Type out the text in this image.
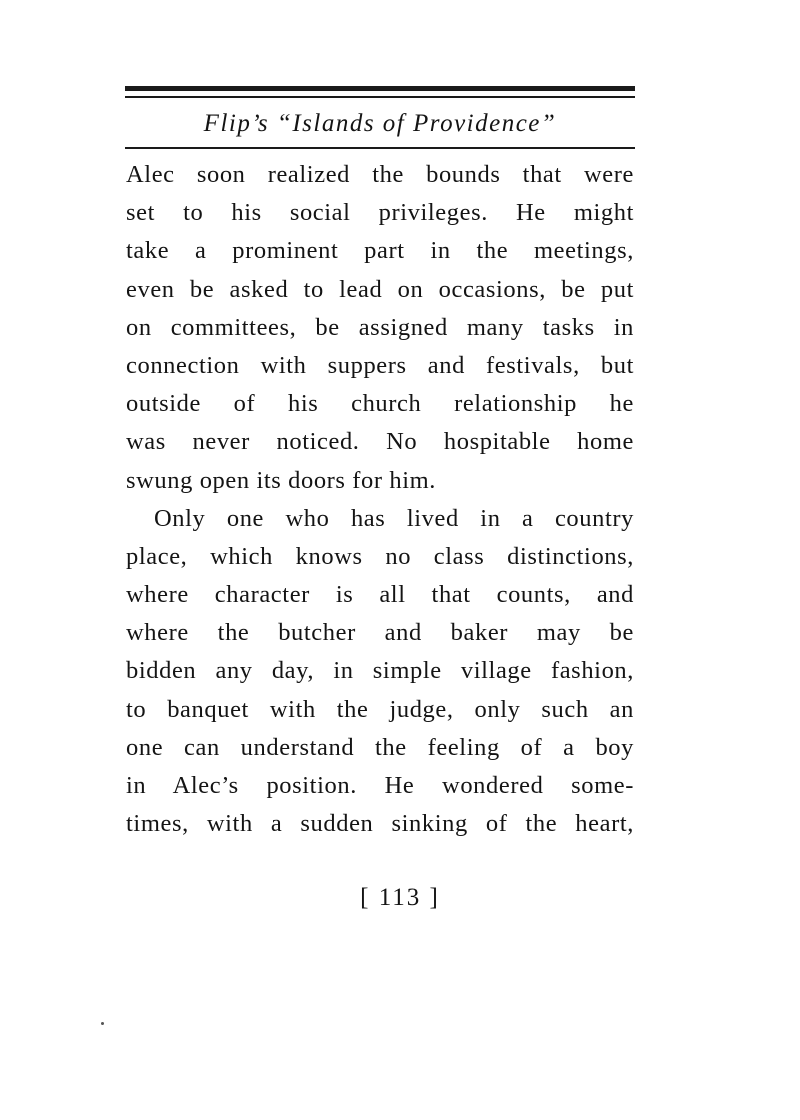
Flip’s “Islands of Providence”
Alec soon realized the bounds that were
set to his social privileges. He might
take a prominent part in the meetings,
even be asked to lead on occasions, be put
on committees, be assigned many tasks in
connection with suppers and festivals, but
outside of his church relationship he
was never noticed. No hospitable home
swung open its doors for him.
Only one who has lived in a country
place, which knows no class distinctions,
where character is all that counts, and
where the butcher and baker may be
bidden any day, in simple village fashion,
to banquet with the judge, only such an
one can understand the feeling of a boy
in Alec’s position. He wondered some-
times, with a sudden sinking of the heart,
[ 113 ]
